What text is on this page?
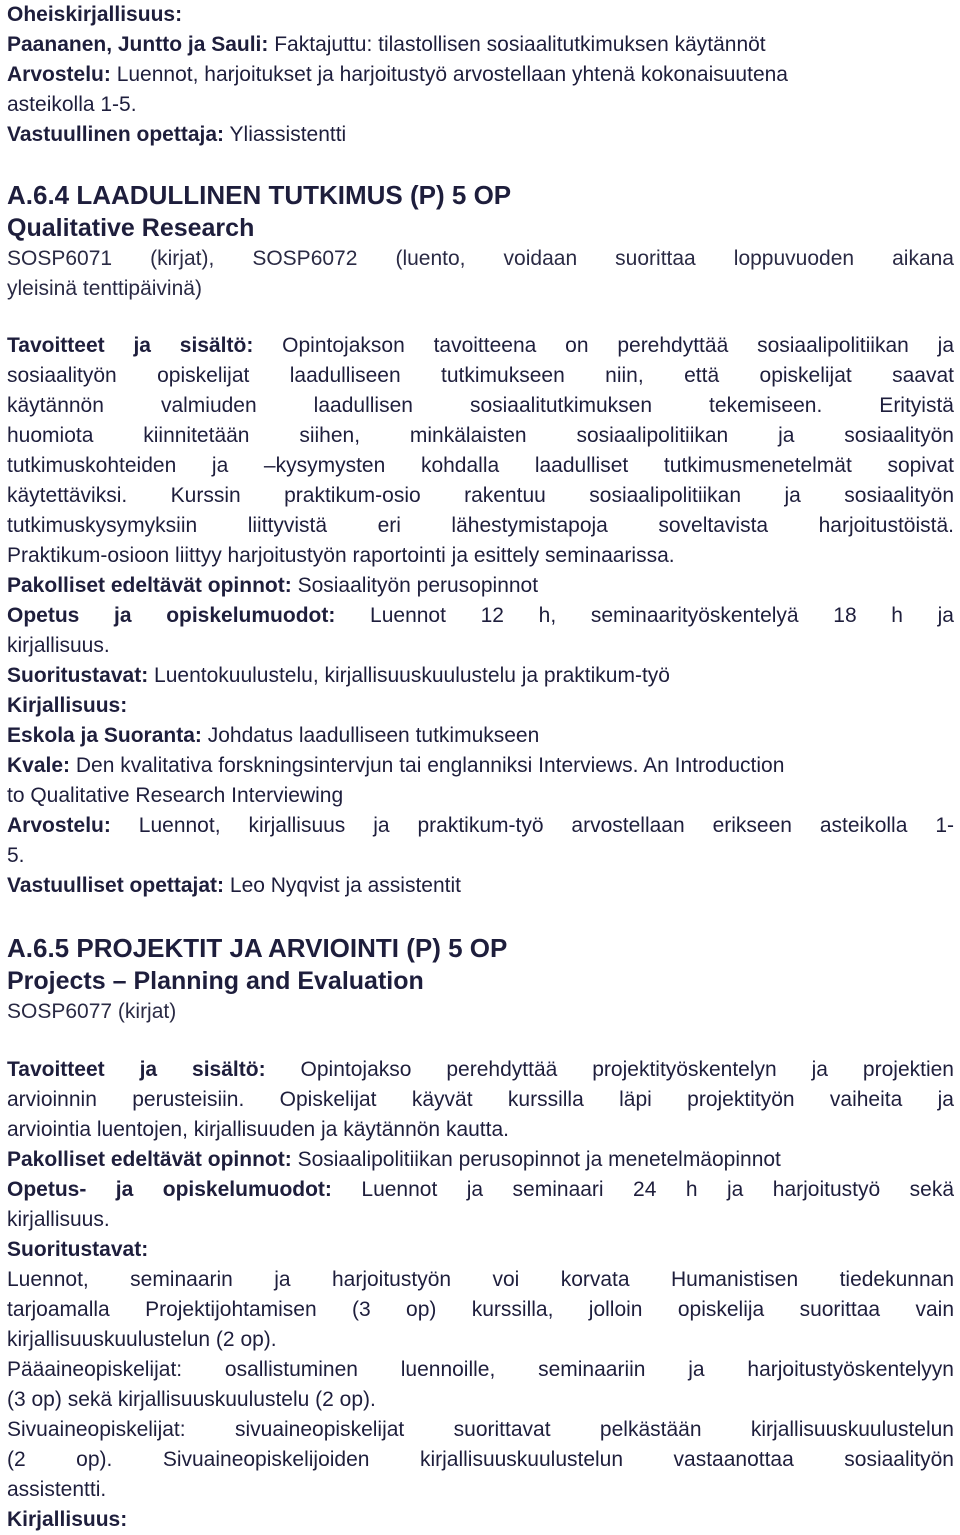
Oheiskirjallisuus:
Paananen, Juntto ja Sauli: Faktajuttu: tilastollisen sosiaalitutkimuksen käytännöt
Arvostelu: Luennot, harjoitukset ja harjoitustyö arvostellaan yhtenä kokonaisuutena
asteikolla 1-5.
Vastuullinen opettaja: Yliassistentti
A.6.4 LAADULLINEN TUTKIMUS (P) 5 OP
Qualitative Research
SOSP6071 (kirjat), SOSP6072 (luento, voidaan suorittaa loppuvuoden aikana
yleisinä tenttipäivinä)
Tavoitteet ja sisältö: Opintojakson tavoitteena on perehdyttää sosiaalipolitiikan ja
sosiaalityön opiskelijat laadulliseen tutkimukseen niin, että opiskelijat saavat
käytännön valmiuden laadullisen sosiaalitutkimuksen tekemiseen. Erityistä
huomiota kiinnitetään siihen, minkälaisten sosiaalipolitiikan ja sosiaalityön
tutkimuskohteiden ja –kysymysten kohdalla laadulliset tutkimusmenetelmät sopivat
käytettäviksi. Kurssin praktikum-osio rakentuu sosiaalipolitiikan ja sosiaalityön
tutkimuskysymyksiin liittyvistä eri lähestymistapoja soveltavista harjoitustöistä.
Praktikum-osioon liittyy harjoitustyön raportointi ja esittely seminaarissa.
Pakolliset edeltävät opinnot: Sosiaalityön perusopinnot
Opetus ja opiskelumuodot: Luennot 12 h, seminaarityöskentelyä 18 h ja
kirjallisuus.
Suoritustavat: Luentokuulustelu, kirjallisuuskuulustelu ja praktikum-työ
Kirjallisuus:
Eskola ja Suoranta: Johdatus laadulliseen tutkimukseen
Kvale: Den kvalitativa forskningsintervjun tai englanniksi Interviews. An Introduction
to Qualitative Research Interviewing
Arvostelu: Luennot, kirjallisuus ja praktikum-työ arvostellaan erikseen asteikolla 1-
5.
Vastuulliset opettajat: Leo Nyqvist ja assistentit
A.6.5 PROJEKTIT JA ARVIOINTI (P) 5 OP
Projects – Planning and Evaluation
SOSP6077 (kirjat)
Tavoitteet ja sisältö: Opintojakso perehdyttää projektityöskentelyn ja projektien
arvioinnin perusteisiin. Opiskelijat käyvät kurssilla läpi projektityön vaiheita ja
arviointia luentojen, kirjallisuuden ja käytännön kautta.
Pakolliset edeltävät opinnot: Sosiaalipolitiikan perusopinnot ja menetelmäopinnot
Opetus- ja opiskelumuodot: Luennot ja seminaari 24 h ja harjoitustyö sekä
kirjallisuus.
Suoritustavat:
Luennot, seminaarin ja harjoitustyön voi korvata Humanistisen tiedekunnan
tarjoamalla Projektijohtamisen (3 op) kurssilla, jolloin opiskelija suorittaa vain
kirjallisuuskuulustelun (2 op).
Pääaineopiskelijat: osallistuminen luennoille, seminaariin ja harjoitustyöskentelyyn
(3 op) sekä kirjallisuuskuulustelu (2 op).
Sivuaineopiskelijat: sivuaineopiskelijat suorittavat pelkästään kirjallisuuskuulustelun
(2 op). Sivuaineopiskelijoiden kirjallisuuskuulustelun vastaanottaa sosiaalityön
assistentti.
Kirjallisuus:
